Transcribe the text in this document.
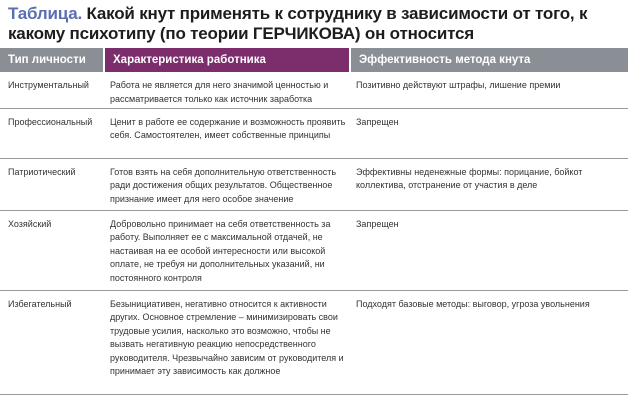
Таблица. Какой кнут применять к сотруднику в зависимости от того, к какому психотипу (по теории ГЕРЧИКОВА) он относится
Тип личности	Характеристика работника	Эффективность метода кнута
Инструментальный	Работа не является для него значимой ценностью и рассматривается только как источник заработка	Позитивно действуют штрафы, лишение премии
Профессиональный	Ценит в работе ее содержание и возможность проявить себя. Самостоятелен, имеет собственные принципы	Запрещен
Патриотический	Готов взять на себя дополнительную ответственность ради достижения общих результатов. Общественное признание имеет для него особое значение	Эффективны неденежные формы: порицание, бойкот коллектива, отстранение от участия в деле
Хозяйский	Добровольно принимает на себя ответственность за работу. Выполняет ее с максимальной отдачей, не настаивая на ее особой интересности или высокой оплате, не требуя ни дополнительных указаний, ни постоянного контроля	Запрещен
Избегательный	Безынициативен, негативно относится к активности других. Основное стремление – минимизировать свои трудовые усилия, насколько это возможно, чтобы не вызвать негативную реакцию непосредственного руководителя. Чрезвычайно зависим от руководителя и принимает эту зависимость как должное	Подходят базовые методы: выговор, угроза увольнения
